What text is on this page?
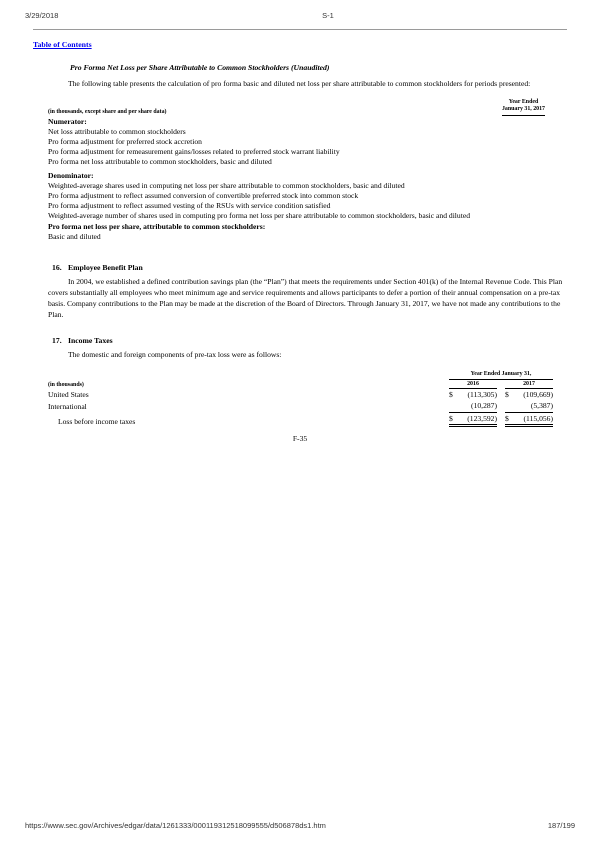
3/29/2018	S-1
https://www.sec.gov/Archives/edgar/data/1261333/000119312518099555/d506878ds1.htm	187/199
Table of Contents
Pro Forma Net Loss per Share Attributable to Common Stockholders (Unaudited)
The following table presents the calculation of pro forma basic and diluted net loss per share attributable to common stockholders for periods presented:
(in thousands, except share and per share data)
Year Ended
January 31, 2017
Numerator:
Net loss attributable to common stockholders
Pro forma adjustment for preferred stock accretion
Pro forma adjustment for remeasurement gains/losses related to preferred stock warrant liability
Pro forma net loss attributable to common stockholders, basic and diluted
Denominator:
Weighted-average shares used in computing net loss per share attributable to common stockholders, basic and diluted
Pro forma adjustment to reflect assumed conversion of convertible preferred stock into common stock
Pro forma adjustment to reflect assumed vesting of the RSUs with service condition satisfied
Weighted-average number of shares used in computing pro forma net loss per share attributable to common stockholders, basic and diluted
Pro forma net loss per share, attributable to common stockholders:
Basic and diluted
16. Employee Benefit Plan
In 2004, we established a defined contribution savings plan (the “Plan”) that meets the requirements under Section 401(k) of the Internal Revenue Code. This Plan covers substantially all employees who meet minimum age and service requirements and allows participants to defer a portion of their annual compensation on a pre-tax basis. Company contributions to the Plan may be made at the discretion of the Board of Directors. Through January 31, 2017, we have not made any contributions to the Plan.
17. Income Taxes
The domestic and foreign components of pre-tax loss were as follows:
(in thousands)
Year Ended January 31,
2016	2017
United States	$ (113,305) $ (109,669)
International	(10,287)	(5,387)
Loss before income taxes	$ (123,592) $ (115,056)
F-35
